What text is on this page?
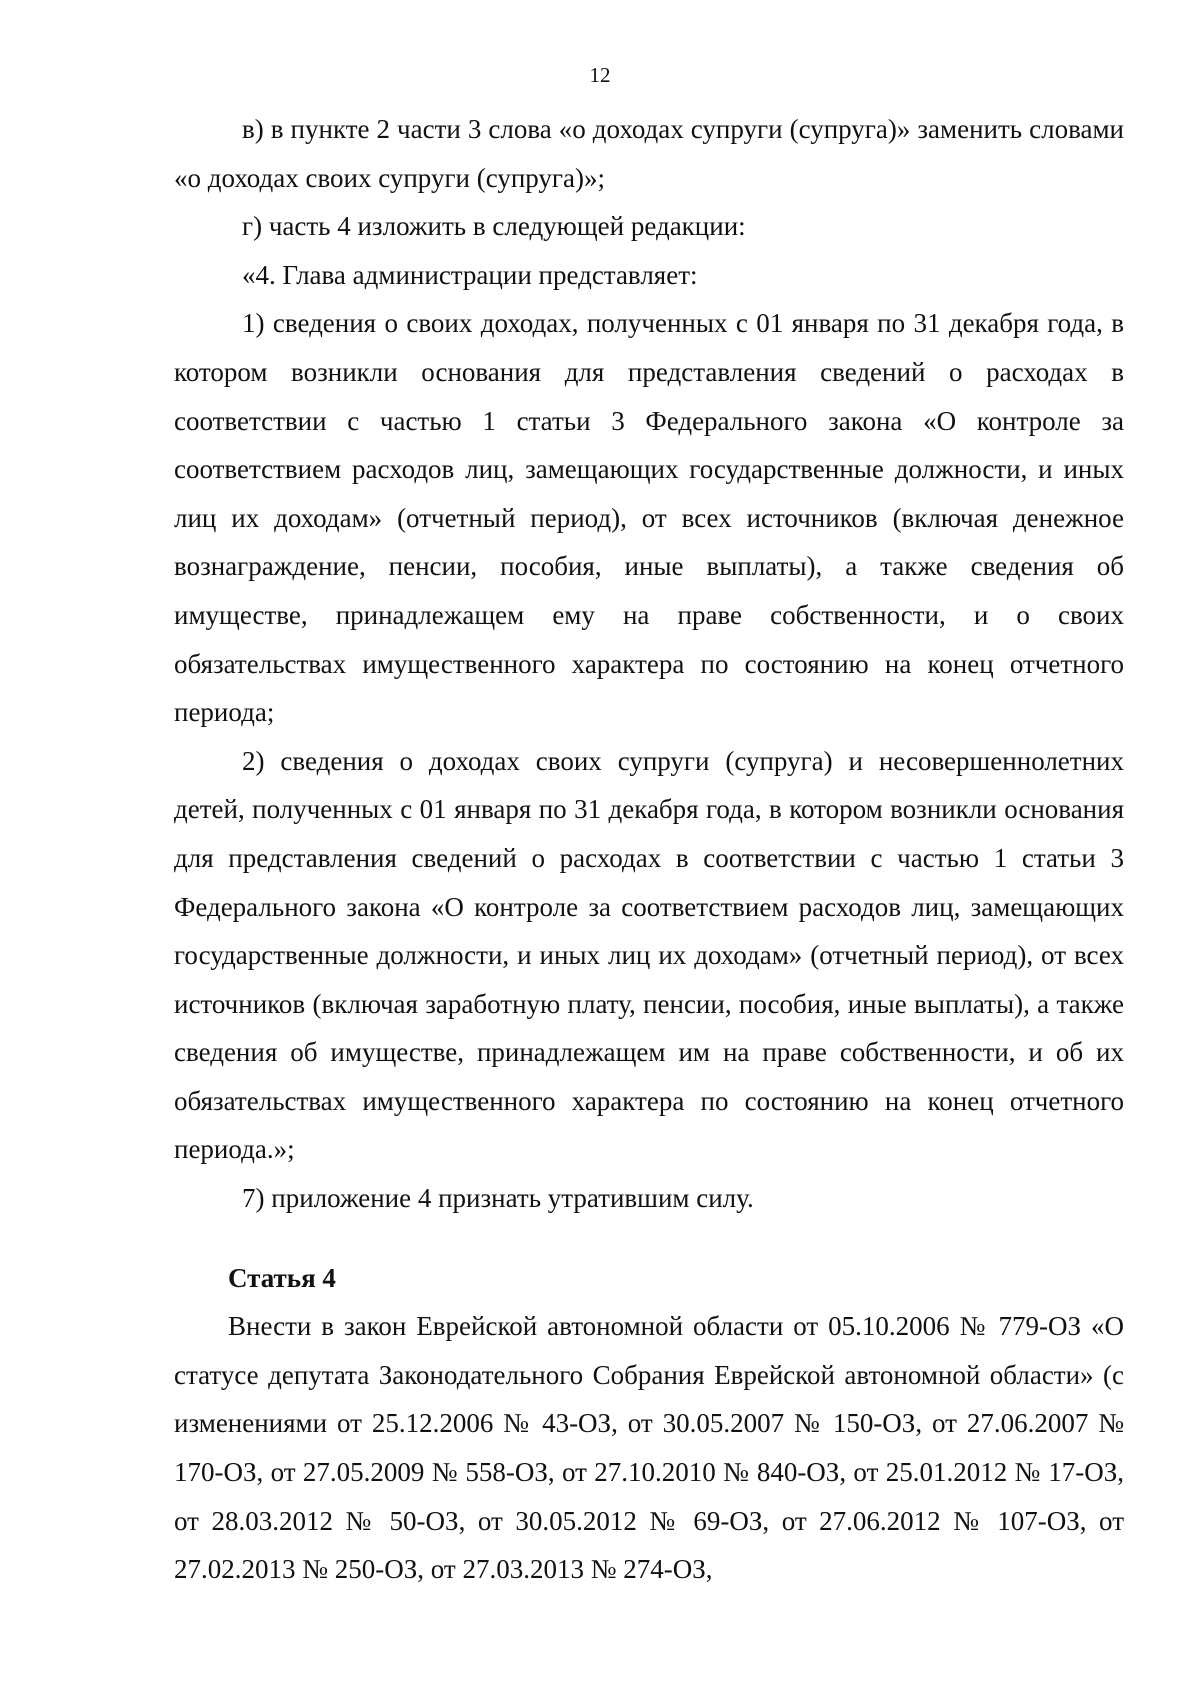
12

в) в пункте 2 части 3 слова «о доходах супруги (супруга)» заменить словами «о доходах своих супруги (супруга)»;

г) часть 4 изложить в следующей редакции:

«4. Глава администрации представляет:

1) сведения о своих доходах, полученных с 01 января по 31 декабря года, в котором возникли основания для представления сведений о расходах в соответствии с частью 1 статьи 3 Федерального закона «О контроле за соответствием расходов лиц, замещающих государственные должности, и иных лиц их доходам» (отчетный период), от всех источников (включая денежное вознаграждение, пенсии, пособия, иные выплаты), а также сведения об имуществе, принадлежащем ему на праве собственности, и о своих обязательствах имущественного характера по состоянию на конец отчетного периода;

2) сведения о доходах своих супруги (супруга) и несовершеннолетних детей, полученных с 01 января по 31 декабря года, в котором возникли основания для представления сведений о расходах в соответствии с частью 1 статьи 3 Федерального закона «О контроле за соответствием расходов лиц, замещающих государственные должности, и иных лиц их доходам» (отчетный период), от всех источников (включая заработную плату, пенсии, пособия, иные выплаты), а также сведения об имуществе, принадлежащем им на праве собственности, и об их обязательствах имущественного характера по состоянию на конец отчетного периода.»;

7) приложение 4 признать утратившим силу.

Статья 4

Внести в закон Еврейской автономной области от 05.10.2006 № 779-ОЗ «О статусе депутата Законодательного Собрания Еврейской автономной области» (с изменениями от 25.12.2006 № 43-ОЗ, от 30.05.2007 № 150-ОЗ, от 27.06.2007 № 170-ОЗ, от 27.05.2009 № 558-ОЗ, от 27.10.2010 № 840-ОЗ, от 25.01.2012 № 17-ОЗ, от 28.03.2012 № 50-ОЗ, от 30.05.2012 № 69-ОЗ, от 27.06.2012 № 107-ОЗ, от 27.02.2013 № 250-ОЗ, от 27.03.2013 № 274-ОЗ,
